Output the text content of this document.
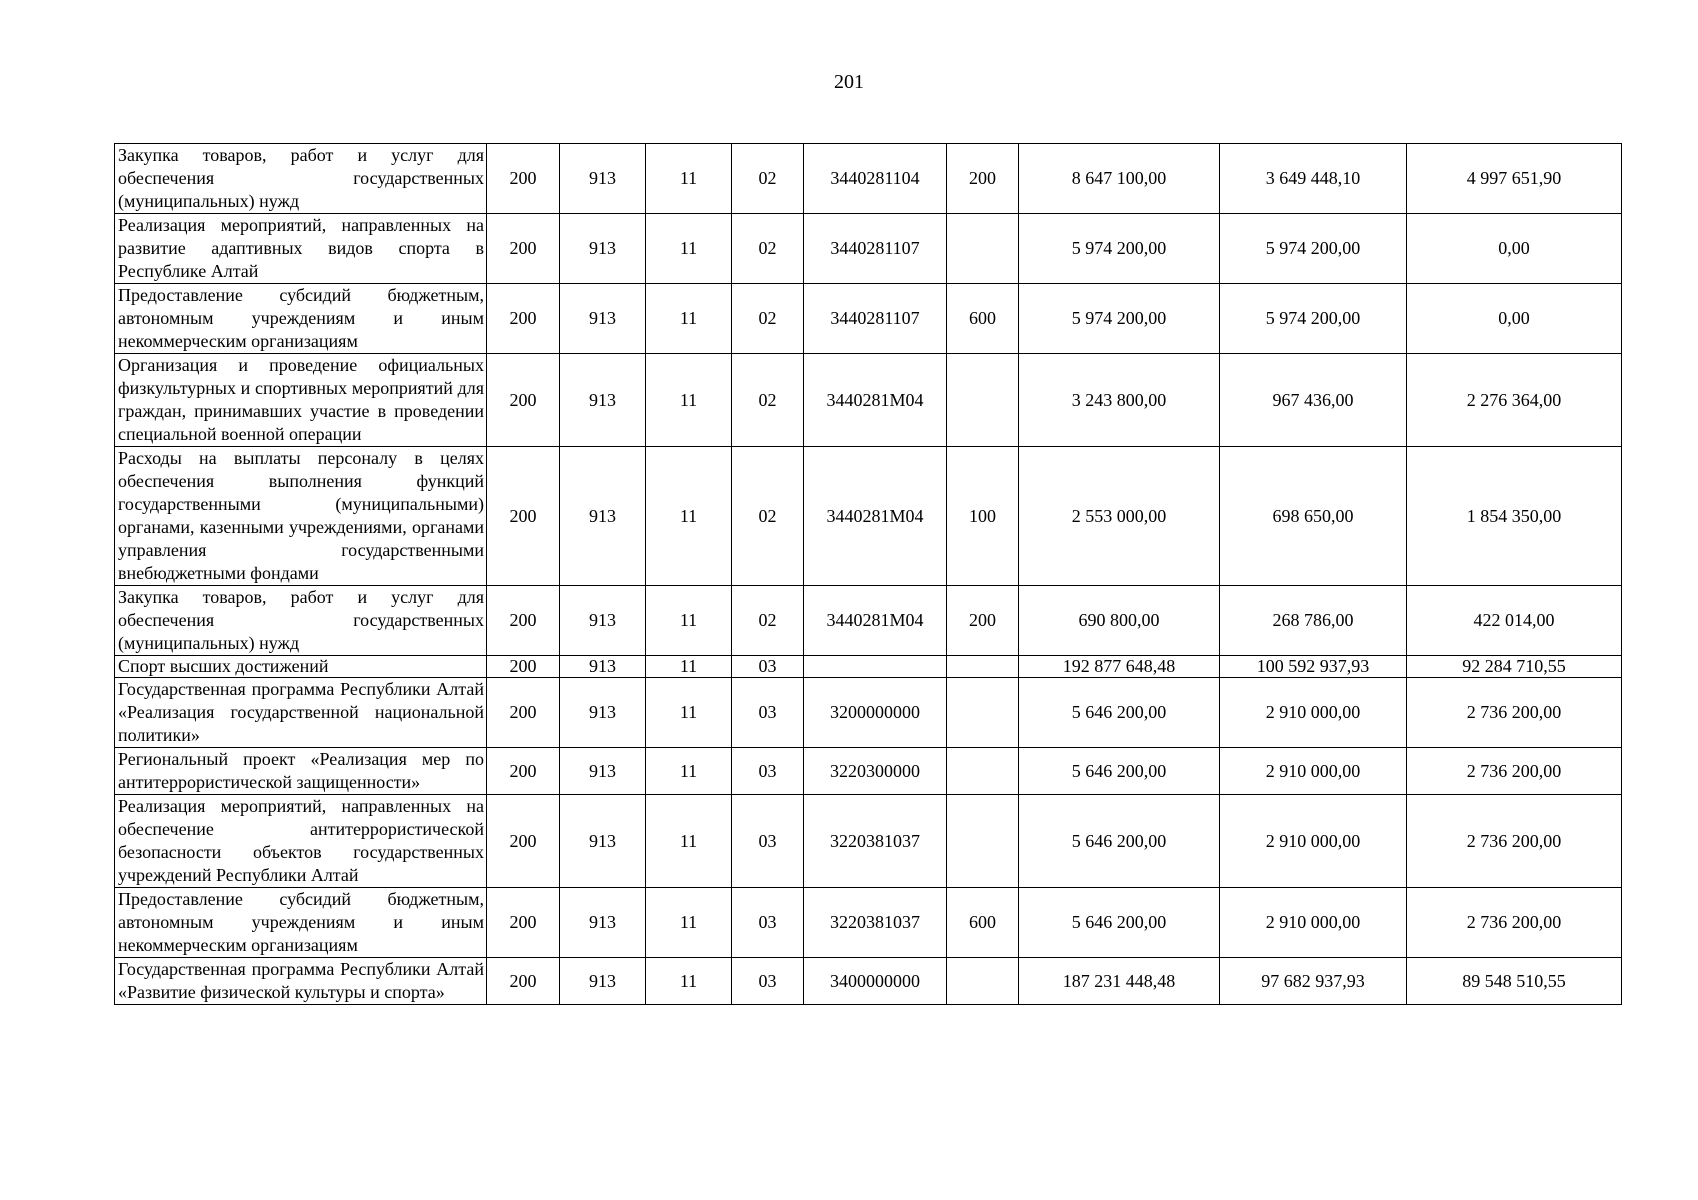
201
Закупка товаров, работ и услуг для обеспечения государственных (муниципальных) нужд	200	913	11	02	3440281104	200	8 647 100,00	3 649 448,10	4 997 651,90
Реализация мероприятий, направленных на развитие адаптивных видов спорта в Республике Алтай	200	913	11	02	3440281107		5 974 200,00	5 974 200,00	0,00
Предоставление субсидий бюджетным, автономным учреждениям и иным некоммерческим организациям	200	913	11	02	3440281107	600	5 974 200,00	5 974 200,00	0,00
Организация и проведение официальных физкультурных и спортивных мероприятий для граждан, принимавших участие в проведении специальной военной операции	200	913	11	02	3440281M04		3 243 800,00	967 436,00	2 276 364,00
Расходы на выплаты персоналу в целях обеспечения выполнения функций государственными (муниципальными) органами, казенными учреждениями, органами управления государственными внебюджетными фондами	200	913	11	02	3440281M04	100	2 553 000,00	698 650,00	1 854 350,00
Закупка товаров, работ и услуг для обеспечения государственных (муниципальных) нужд	200	913	11	02	3440281M04	200	690 800,00	268 786,00	422 014,00
Спорт высших достижений	200	913	11	03			192 877 648,48	100 592 937,93	92 284 710,55
Государственная программа Республики Алтай «Реализация государственной национальной политики»	200	913	11	03	3200000000		5 646 200,00	2 910 000,00	2 736 200,00
Региональный проект «Реализация мер по антитеррористической защищенности»	200	913	11	03	3220300000		5 646 200,00	2 910 000,00	2 736 200,00
Реализация мероприятий, направленных на обеспечение антитеррористической безопасности объектов государственных учреждений Республики Алтай	200	913	11	03	3220381037		5 646 200,00	2 910 000,00	2 736 200,00
Предоставление субсидий бюджетным, автономным учреждениям и иным некоммерческим организациям	200	913	11	03	3220381037	600	5 646 200,00	2 910 000,00	2 736 200,00
Государственная программа Республики Алтай «Развитие физической культуры и спорта»	200	913	11	03	3400000000		187 231 448,48	97 682 937,93	89 548 510,55
